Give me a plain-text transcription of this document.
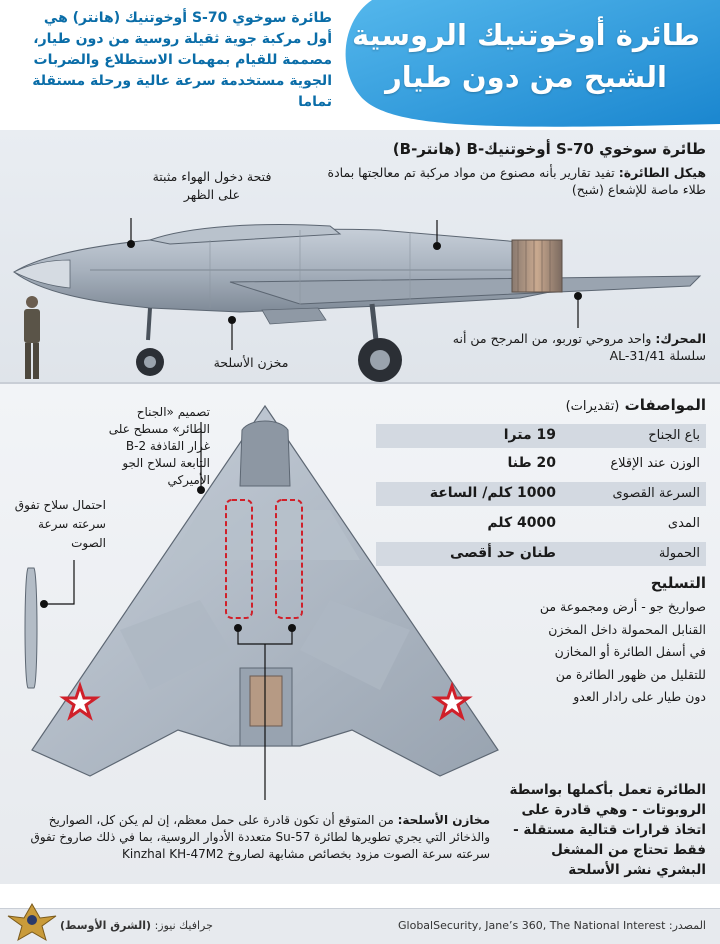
طائرة أوخوتنيك الروسية الشبح من دون طيار
طائرة سوخوي S-70 أوخوتنيك (هانتر) هي أول مركبة جوية ثقيلة روسية من دون طيار، مصممة للقيام بمهمات الاستطلاع والضربات الجوية مستخدمة سرعة عالية ورحلة مستقلة تماما
طائرة سوخوي S-70 أوخوتنيك-B (هانتر-B)
هيكل الطائرة: تفيد تقارير بأنه مصنوع من مواد مركبة تم معالجتها بمادة طلاء ماصة للإشعاع (شبح)
فتحة دخول الهواء مثبتة على الظهر
المحرك: واحد مروحي توربو، من المرجح من أنه سلسلة AL-31/41
مخزن الأسلحة
تصميم «الجناح الطائر» مسطح على غرار القاذفة B-2 التابعة لسلاح الجو الأميركي
احتمال سلاح تفوق سرعته سرعة الصوت
المواصفات (تقديرات)
باع الجناح
19 مترا
الوزن عند الإقلاع
20 طنا
السرعة القصوى
1000 كلم/ الساعة
المدى
4000 كلم
الحمولة
طنان حد أقصى
التسليح
صواريخ جو - أرض ومجموعة من القنابل المحمولة داخل المخزن في أسفل الطائرة أو المخازن للتقليل من ظهور الطائرة من دون طيار على رادار العدو
الطائرة تعمل بأكملها بواسطة الروبوتات - وهي قادرة على اتخاذ قرارات قتالية مستقلة - فقط تحتاج من المشغل البشري نشر الأسلحة
مخازن الأسلحة: من المتوقع أن تكون قادرة على حمل معظم، إن لم يكن كل، الصواريخ والذخائر التي يجري تطويرها لطائرة Su-57 متعددة الأدوار الروسية، بما في ذلك صاروخ تفوق سرعته سرعة الصوت مزود بخصائص مشابهة لصاروخ Kinzhal KH-47M2
المصدر: GlobalSecurity, Jane’s 360, The National Interest
جرافيك نيوز: (الشرق الأوسط)
